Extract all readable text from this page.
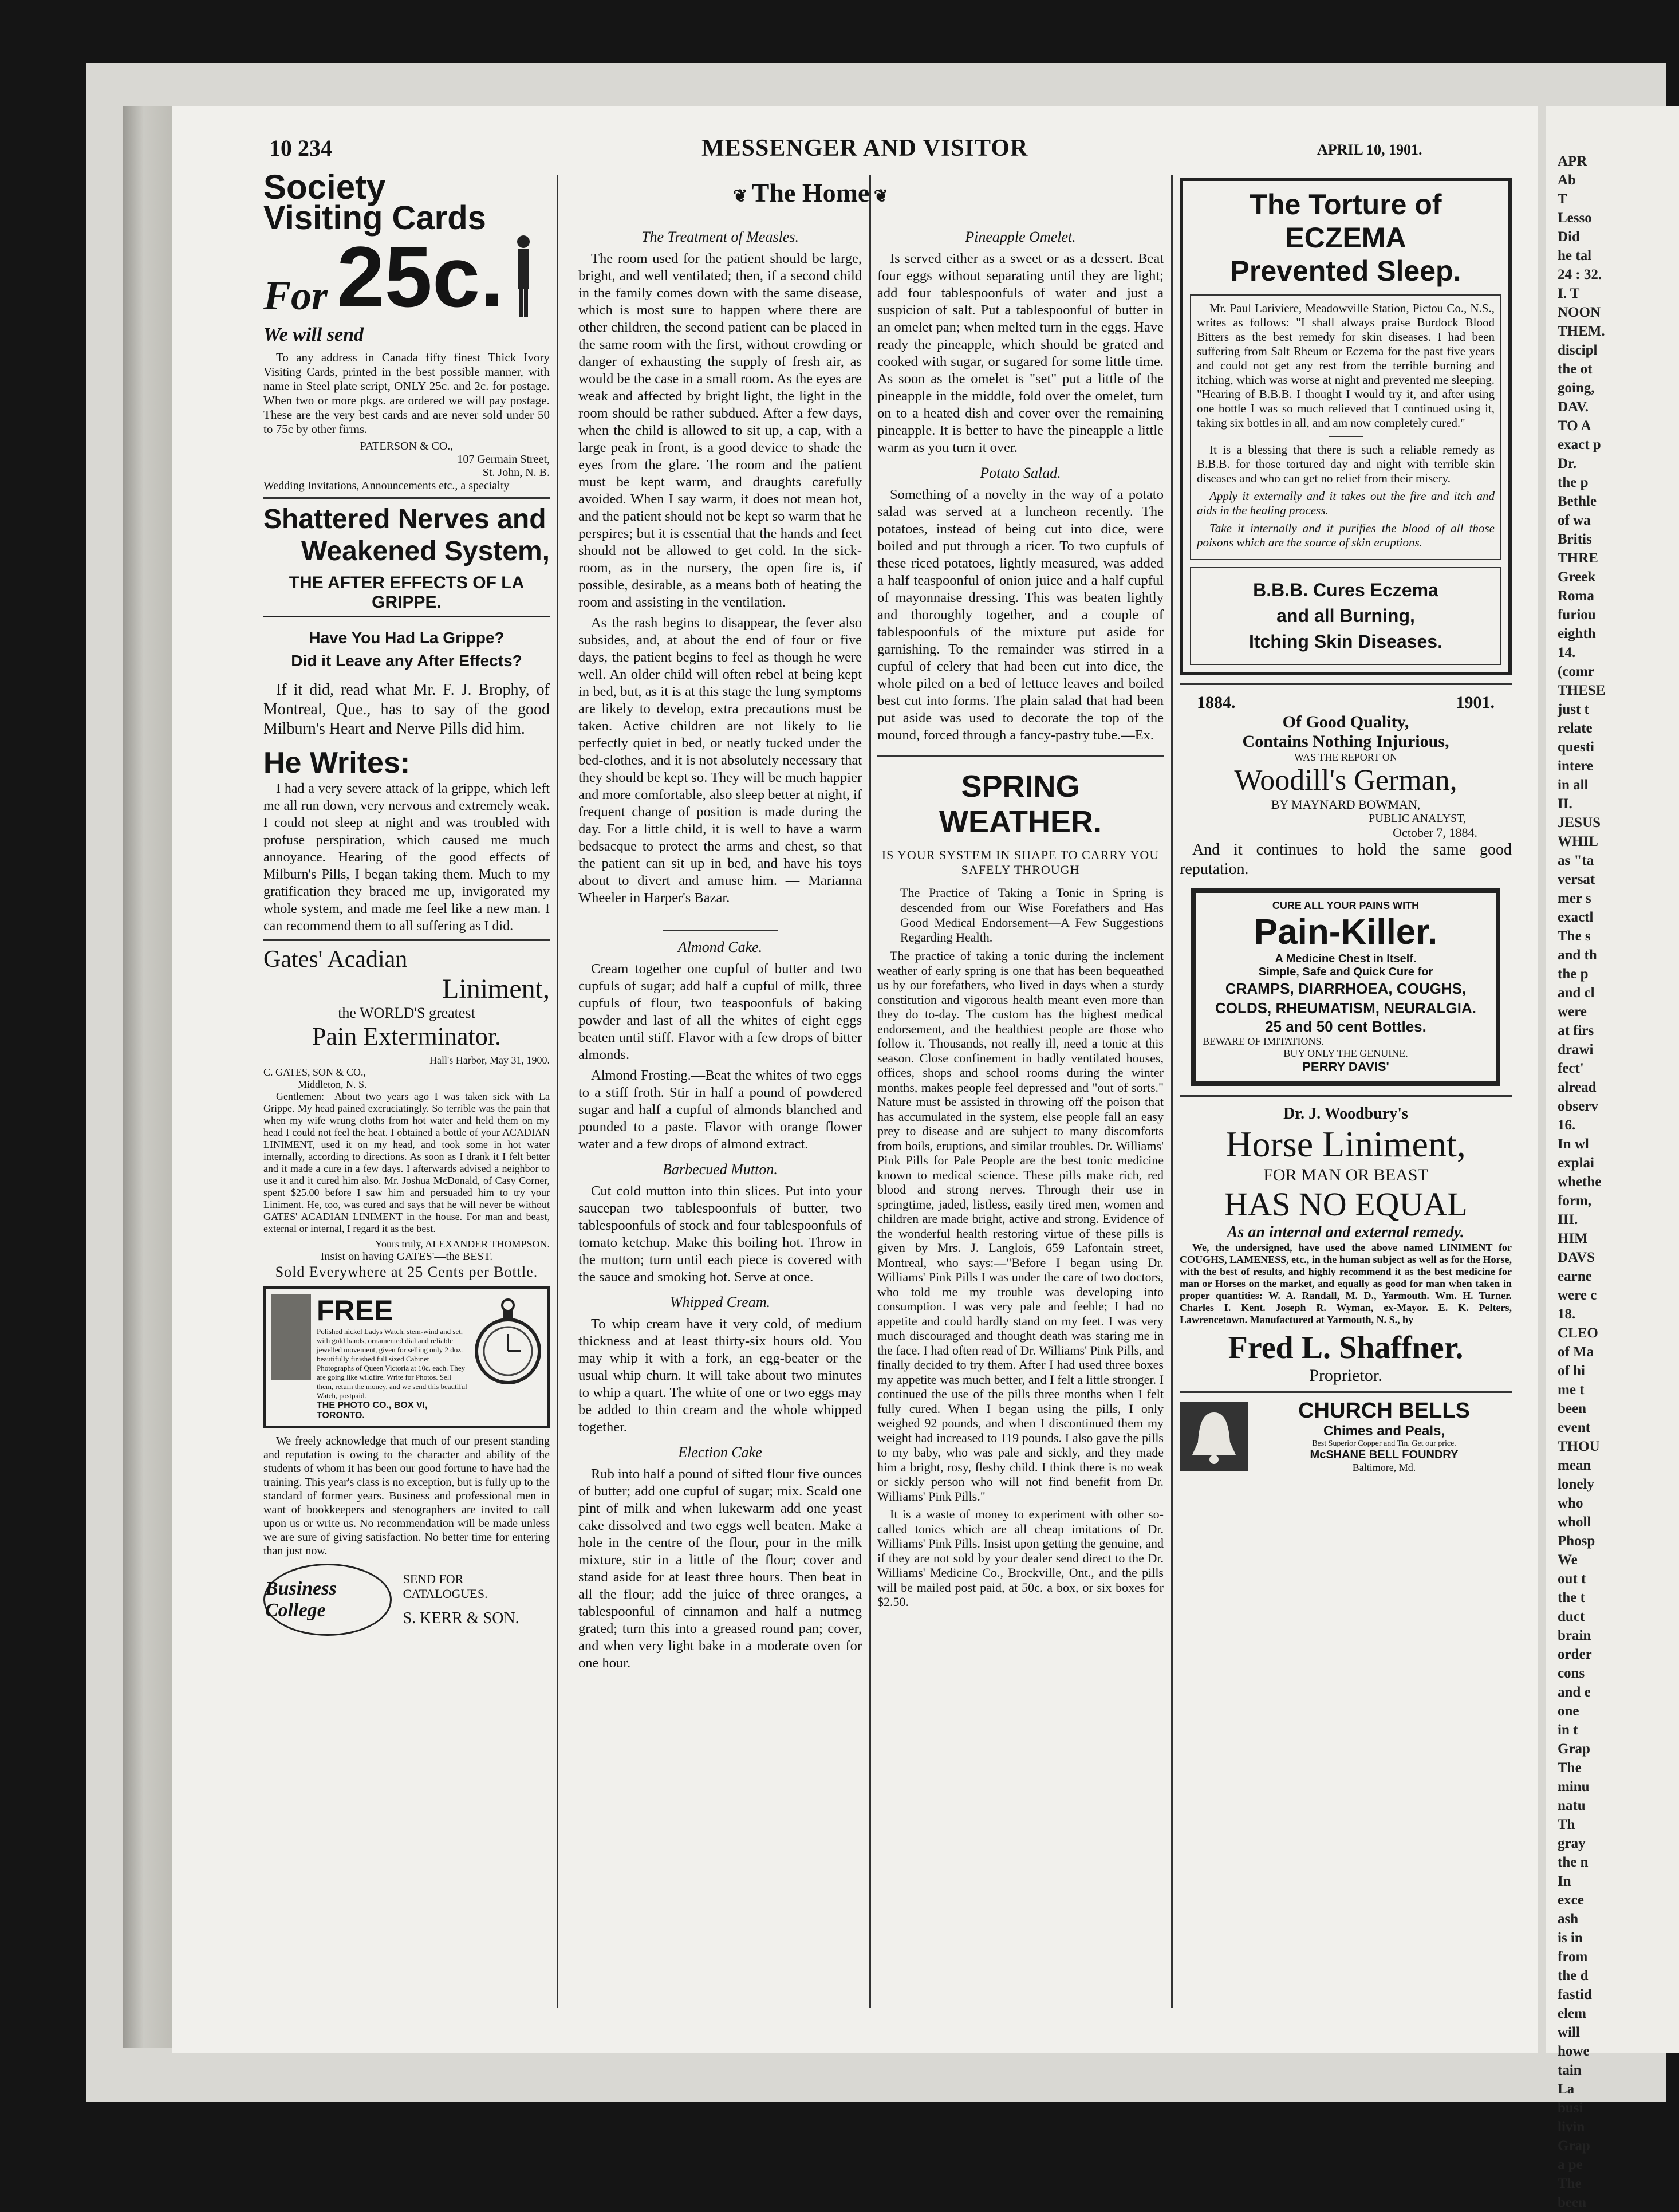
10 234	MESSENGER AND VISITOR	APRIL 10, 1901.
Society
Visiting Cards
For 25c.
We will send

To any address in Canada fifty finest Thick Ivory Visiting Cards, printed in the best possible manner, with name in Steel plate script, ONLY 25c. and 2c. for postage. When two or more pkgs. are ordered we will pay postage. These are the very best cards and are never sold under 50 to 75c by other firms.

PATERSON & CO.,
107 Germain Street,
St. John, N. B.
Wedding Invitations, Announcements etc., a specialty
Shattered Nerves and
Weakened System,
THE AFTER EFFECTS OF LA GRIPPE.
Have You Had La Grippe?
Did it Leave any After Effects?

If it did, read what Mr. F. J. Brophy, of Montreal, Que., has to say of the good Milburn's Heart and Nerve Pills did him.

He Writes:

I had a very severe attack of la grippe, which left me all run down, very nervous and extremely weak. I could not sleep at night and was troubled with profuse perspiration, which caused me much annoyance. Hearing of the good effects of Milburn's Pills, I began taking them. Much to my gratification they braced me up, invigorated my whole system, and made me feel like a new man. I can recommend them to all suffering as I did.

Gates' Acadian
Liniment,
the WORLD'S greatest
Pain Exterminator.
Hall's Harbor, May 31, 1900.
C. GATES, SON & CO.,
Middleton, N. S.

Gentlemen:—About two years ago I was taken sick with La Grippe. My head pained excruciatingly. So terrible was the pain that when my wife wrung cloths from hot water and held them on my head I could not feel the heat. I obtained a bottle of your ACADIAN LINIMENT, used it on my head, and took some in hot water internally, according to directions. As soon as I drank it I felt better and it made a cure in a few days. I afterwards advised a neighbor to use it and it cured him also. Mr. Joshua McDonald, of Casy Corner, spent $25.00 before I saw him and persuaded him to try your Liniment. He, too, was cured and says that he will never be without GATES' ACADIAN LINIMENT in the house. For man and beast, external or internal, I regard it as the best.

Yours truly, ALEXANDER THOMPSON.
Insist on having GATES'—the BEST.
Sold Everywhere at 25 Cents per Bottle.
FREE
Polished nickel Ladys Watch, stem-wind and set, with gold hands, ornamented dial and reliable jewelled movement, given for selling only 2 doz. beautifully finished full sized Cabinet Photographs of Queen Victoria at 10c. each. They are going like wildfire. Write for Photos. Sell them, return the money, and we send this beautiful Watch, postpaid.
THE PHOTO CO., BOX VI, TORONTO.

We freely acknowledge that much of our present standing and reputation is owing to the character and ability of the students of whom it has been our good fortune to have had the training. This year's class is no exception, but is fully up to the standard of former years. Business and professional men in want of bookkeepers and stenographers are invited to call upon us or write us. No recommendation will be made unless we are sure of giving satisfaction. No better time for entering than just now.

Business College
SEND FOR CATALOGUES.
S. KERR & SON.
❦ The Home ❦
The Treatment of Measles.

The room used for the patient should be large, bright, and well ventilated; then, if a second child in the family comes down with the same disease, which is most sure to happen where there are other children, the second patient can be placed in the same room with the first, without crowding or danger of exhausting the supply of fresh air, as would be the case in a small room. As the eyes are weak and affected by bright light, the light in the room should be rather subdued. After a few days, when the child is allowed to sit up, a cap, with a large peak in front, is a good device to shade the eyes from the glare. The room and the patient must be kept warm, and draughts carefully avoided. When I say warm, it does not mean hot, and the patient should not be kept so warm that he perspires; but it is essential that the hands and feet should not be allowed to get cold. In the sick-room, as in the nursery, the open fire is, if possible, desirable, as a means both of heating the room and assisting in the ventilation.

As the rash begins to disappear, the fever also subsides, and, at about the end of four or five days, the patient begins to feel as though he were well. An older child will often rebel at being kept in bed, but, as it is at this stage the lung symptoms are likely to develop, extra precautions must be taken. Active children are not likely to lie perfectly quiet in bed, or neatly tucked under the bed-clothes, and it is not absolutely necessary that they should be kept so. They will be much happier and more comfortable, also sleep better at night, if frequent change of position is made during the day. For a little child, it is well to have a warm bedsacque to protect the arms and chest, so that the patient can sit up in bed, and have his toys about to divert and amuse him. — Marianna Wheeler in Harper's Bazar.

Almond Cake.

Cream together one cupful of butter and two cupfuls of sugar; add half a cupful of milk, three cupfuls of flour, two teaspoonfuls of baking powder and last of all the whites of eight eggs beaten until stiff. Flavor with a few drops of bitter almonds.

Almond Frosting.—Beat the whites of two eggs to a stiff froth. Stir in half a pound of powdered sugar and half a cupful of almonds blanched and pounded to a paste. Flavor with orange flower water and a few drops of almond extract.

Barbecued Mutton.

Cut cold mutton into thin slices. Put into your saucepan two tablespoonfuls of butter, two tablespoonfuls of stock and four tablespoonfuls of tomato ketchup. Make this boiling hot. Throw in the mutton; turn until each piece is covered with the sauce and smoking hot. Serve at once.

Whipped Cream.

To whip cream have it very cold, of medium thickness and at least thirty-six hours old. You may whip it with a fork, an egg-beater or the usual whip churn. It will take about two minutes to whip a quart. The white of one or two eggs may be added to thin cream and the whole whipped together.

Election Cake

Rub into half a pound of sifted flour five ounces of butter; add one cupful of sugar; mix. Scald one pint of milk and when lukewarm add one yeast cake dissolved and two eggs well beaten. Make a hole in the centre of the flour, pour in the milk mixture, stir in a little of the flour; cover and stand aside for at least three hours. Then beat in all the flour; add the juice of three oranges, a tablespoonful of cinnamon and half a nutmeg grated; turn this into a greased round pan; cover, and when very light bake in a moderate oven for one hour.

Pineapple Omelet.

Is served either as a sweet or as a dessert. Beat four eggs without separating until they are light; add four tablespoonfuls of water and just a suspicion of salt. Put a tablespoonful of butter in an omelet pan; when melted turn in the eggs. Have ready the pineapple, which should be grated and cooked with sugar, or sugared for some little time. As soon as the omelet is "set" put a little of the pineapple in the middle, fold over the omelet, turn on to a heated dish and cover over the remaining pineapple. It is better to have the pineapple a little warm as you turn it over.

Potato Salad.

Something of a novelty in the way of a potato salad was served at a luncheon recently. The potatoes, instead of being cut into dice, were boiled and put through a ricer. To two cupfuls of these riced potatoes, lightly measured, was added a half teaspoonful of onion juice and a half cupful of mayonnaise dressing. This was beaten lightly and thoroughly together, and a couple of tablespoonfuls of the mixture put aside for garnishing. To the remainder was stirred in a cupful of celery that had been cut into dice, the whole piled on a bed of lettuce leaves and boiled best cut into forms. The plain salad that had been put aside was used to decorate the top of the mound, forced through a fancy-pastry tube.—Ex.

SPRING WEATHER.
IS YOUR SYSTEM IN SHAPE TO CARRY YOU SAFELY THROUGH

The Practice of Taking a Tonic in Spring is descended from our Wise Forefathers and Has Good Medical Endorsement—A Few Suggestions Regarding Health.

The practice of taking a tonic during the inclement weather of early spring is one that has been bequeathed us by our forefathers, who lived in days when a sturdy constitution and vigorous health meant even more than they do to-day. The custom has the highest medical endorsement, and the healthiest people are those who follow it. Thousands, not really ill, need a tonic at this season. Close confinement in badly ventilated houses, offices, shops and school rooms during the winter months, makes people feel depressed and "out of sorts." Nature must be assisted in throwing off the poison that has accumulated in the system, else people fall an easy prey to disease and are subject to many discomforts from boils, eruptions, and similar troubles. Dr. Williams' Pink Pills for Pale People are the best tonic medicine known to medical science. These pills make rich, red blood and strong nerves. Through their use in springtime, jaded, listless, easily tired men, women and children are made bright, active and strong. Evidence of the wonderful health restoring virtue of these pills is given by Mrs. J. Langlois, 659 Lafontain street, Montreal, who says:—"Before I began using Dr. Williams' Pink Pills I was under the care of two doctors, who told me my trouble was developing into consumption. I was very pale and feeble; I had no appetite and could hardly stand on my feet. I was very much discouraged and thought death was staring me in the face. I had often read of Dr. Williams' Pink Pills, and finally decided to try them. After I had used three boxes my appetite was much better, and I felt a little stronger. I continued the use of the pills three months when I felt fully cured. When I began using the pills, I only weighed 92 pounds, and when I discontinued them my weight had increased to 119 pounds. I also gave the pills to my baby, who was pale and sickly, and they made him a bright, rosy, fleshy child. I think there is no weak or sickly person who will not find benefit from Dr. Williams' Pink Pills."

It is a waste of money to experiment with other so-called tonics which are all cheap imitations of Dr. Williams' Pink Pills. Insist upon getting the genuine, and if they are not sold by your dealer send direct to the Dr. Williams' Medicine Co., Brockville, Ont., and the pills will be mailed post paid, at 50c. a box, or six boxes for $2.50.

The Torture of
ECZEMA
Prevented Sleep.

Mr. Paul Lariviere, Meadowville Station, Pictou Co., N.S., writes as follows: "I shall always praise Burdock Blood Bitters as the best remedy for skin diseases. I had been suffering from Salt Rheum or Eczema for the past five years and could not get any rest from the terrible burning and itching, which was worse at night and prevented me sleeping. "Hearing of B.B.B. I thought I would try it, and after using one bottle I was so much relieved that I continued using it, taking six bottles in all, and am now completely cured."

It is a blessing that there is such a reliable remedy as B.B.B. for those tortured day and night with terrible skin diseases and who can get no relief from their misery.

Apply it externally and it takes out the fire and itch and aids in the healing process.

Take it internally and it purifies the blood of all those poisons which are the source of skin eruptions.

B.B.B. Cures Eczema
and all Burning,
Itching Skin Diseases.
1884.	1901.
Of Good Quality,
Contains Nothing Injurious,
WAS THE REPORT ON
Woodill's German,
BY MAYNARD BOWMAN,
PUBLIC ANALYST,
October 7, 1884.

And it continues to hold the same good reputation.

CURE ALL YOUR PAINS WITH
Pain-Killer.
A Medicine Chest in Itself.
Simple, Safe and Quick Cure for
CRAMPS, DIARRHOEA, COUGHS, COLDS, RHEUMATISM, NEURALGIA.
25 and 50 cent Bottles.
BEWARE OF IMITATIONS.
BUY ONLY THE GENUINE.
PERRY DAVIS'
Dr. J. Woodbury's
Horse Liniment,
FOR MAN OR BEAST
HAS NO EQUAL
As an internal and external remedy.

We, the undersigned, have used the above named LINIMENT for COUGHS, LAMENESS, etc., in the human subject as well as for the Horse, with the best of results, and highly recommend it as the best medicine for man or Horses on the market, and equally as good for man when taken in proper quantities: W. A. Randall, M. D., Yarmouth. Wm. H. Turner. Charles I. Kent. Joseph R. Wyman, ex-Mayor. E. K. Pelters, Lawrencetown. Manufactured at Yarmouth, N. S., by

Fred L. Shaffner.
Proprietor.
CHURCH BELLS
Chimes and Peals,
Best Superior Copper and Tin. Get our price.
McSHANE BELL FOUNDRY
Baltimore, Md.
APR
Ab
T
Lesso
Did
he tal
24 : 32.
I. T
NOON
THEM.
discipl
the ot
going,
DAV.
TO A
exact p
Dr.
the p
Bethle
of wa
Britis
THRE
Greek
Roma
furiou
eighth
14.
(comr
THESE
just t
relate
questi
intere
in all
II.
JESUS
WHIL
as "ta
versat
mer s
exactl
The s
and th
the p
and cl
were
at firs
drawi
fect'
alread
observ
16.
In wl
explai
whethe
form,
III.
HIM
DAVS
earne
were c
18.
CLEO
of Ma
of hi
me t
been
event
THOU
mean
lonely
who
wholl
Phosp
We
out t
the t
duct
brain
order
cons
and e
one
in t
Grap
The
minu
natu
Th
gray
the n
In
exce
ash
is in
from
the d
fastid
elem
will
howe
tain
La
busi
livin
Grap
a pe
The
been
